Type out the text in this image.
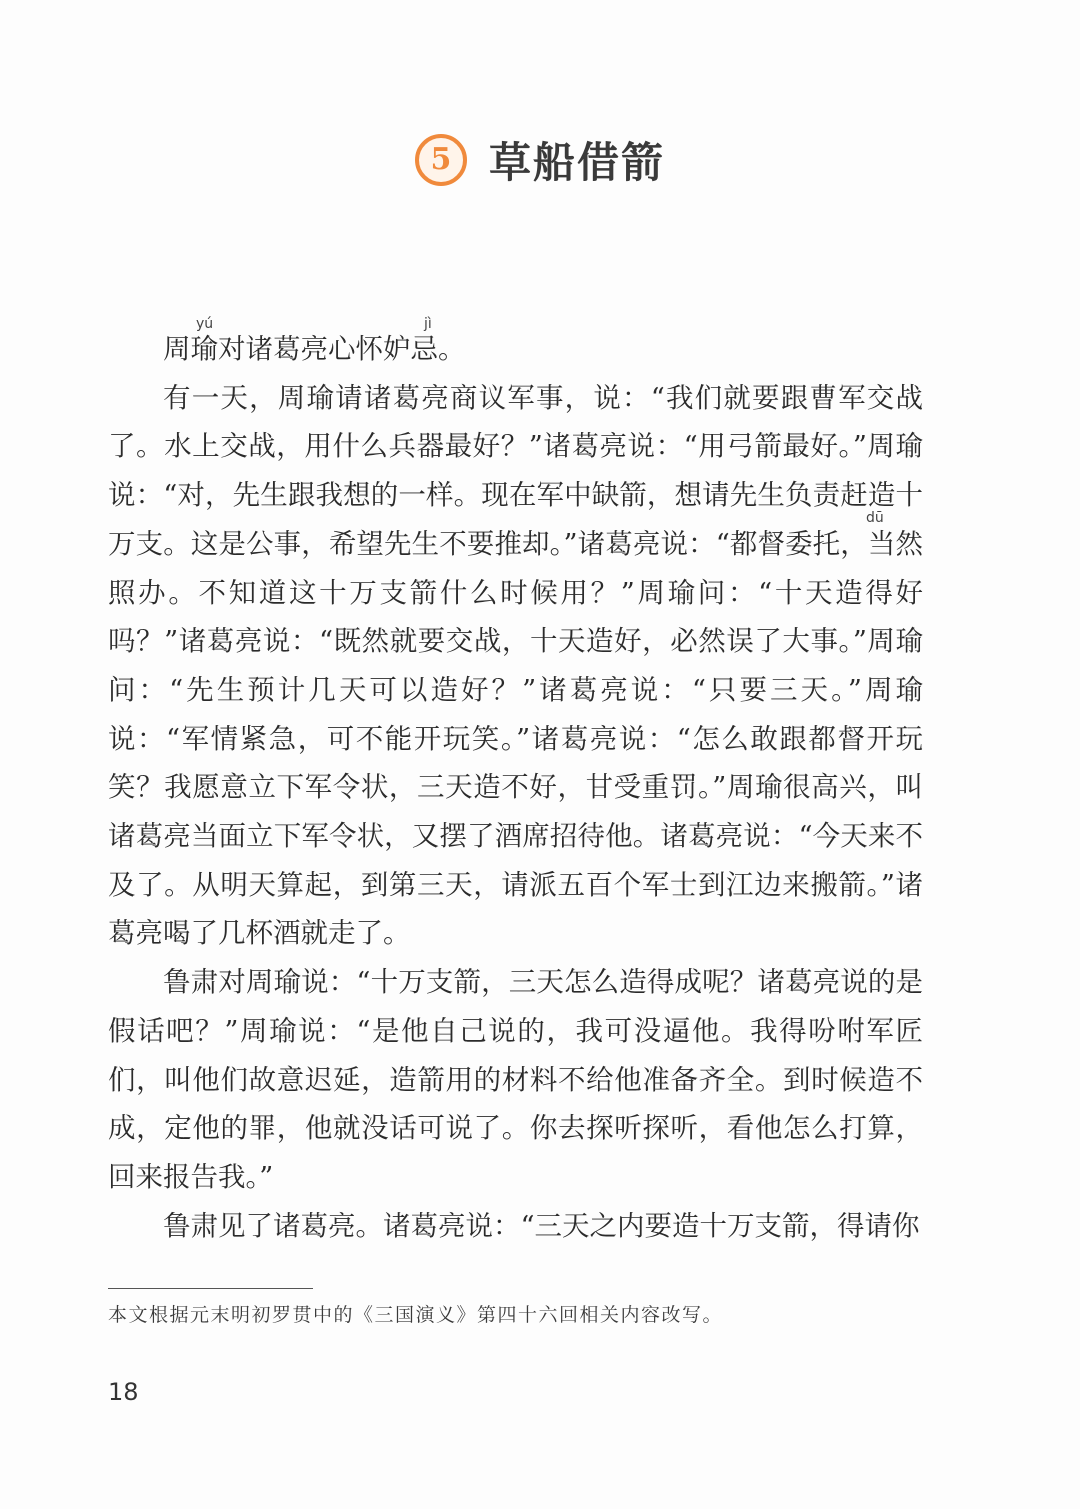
5 草船借箭
yú	jì
dū

周瑜对诸葛亮心怀妒忌。

有一天，周瑜请诸葛亮商议军事，说：“我们就要跟曹军交战了。水上交战，用什么兵器最好？”诸葛亮说：“用弓箭最好。”周瑜说：“对，先生跟我想的一样。现在军中缺箭，想请先生负责赶造十万支。这是公事，希望先生不要推却。”诸葛亮说：“都督委托，当然照办。不知道这十万支箭什么时候用？”周瑜问：“十天造得好吗？”诸葛亮说：“既然就要交战，十天造好，必然误了大事。”周瑜问：“先生预计几天可以造好？”诸葛亮说：“只要三天。”周瑜说：“军情紧急，可不能开玩笑。”诸葛亮说：“怎么敢跟都督开玩笑？我愿意立下军令状，三天造不好，甘受重罚。”周瑜很高兴，叫诸葛亮当面立下军令状，又摆了酒席招待他。诸葛亮说：“今天来不及了。从明天算起，到第三天，请派五百个军士到江边来搬箭。”诸葛亮喝了几杯酒就走了。

鲁肃对周瑜说：“十万支箭，三天怎么造得成呢？诸葛亮说的是假话吧？”周瑜说：“是他自己说的，我可没逼他。我得吩咐军匠们，叫他们故意迟延，造箭用的材料不给他准备齐全。到时候造不成，定他的罪，他就没话可说了。你去探听探听，看他怎么打算，回来报告我。”

鲁肃见了诸葛亮。诸葛亮说：“三天之内要造十万支箭，得请你

本文根据元末明初罗贯中的《三国演义》第四十六回相关内容改写。
18
